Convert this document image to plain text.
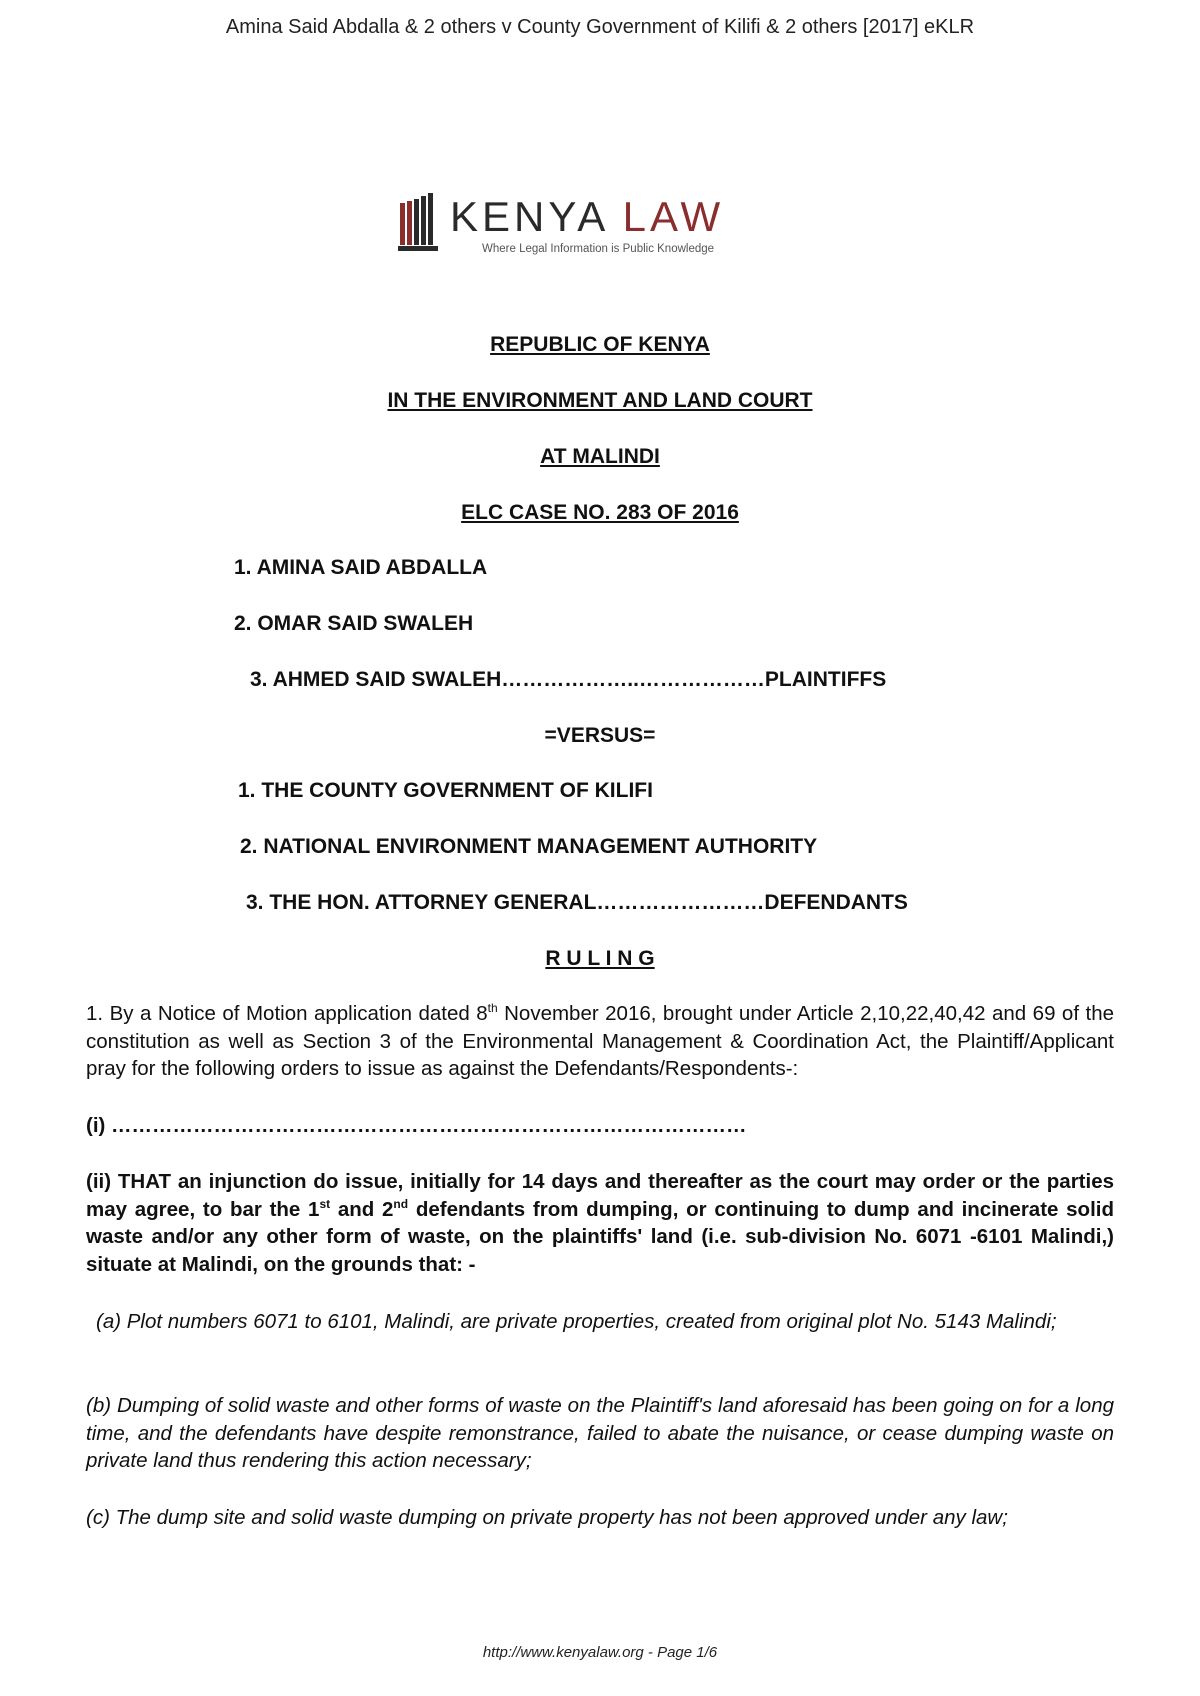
Amina Said Abdalla & 2 others v County Government of Kilifi & 2 others [2017] eKLR
KENYA LAW
Where Legal Information is Public Knowledge
REPUBLIC OF KENYA
IN THE ENVIRONMENT AND LAND COURT
AT MALINDI
ELC CASE NO. 283 OF 2016
1. AMINA SAID ABDALLA
2. OMAR SAID SWALEH
3. AHMED SAID SWALEH………………..………………PLAINTIFFS
=VERSUS=
1. THE COUNTY GOVERNMENT OF KILIFI
2. NATIONAL ENVIRONMENT MANAGEMENT AUTHORITY
3. THE HON. ATTORNEY GENERAL……………………DEFENDANTS
R U L I N G
1. By a Notice of Motion application dated 8th November 2016, brought under Article 2,10,22,40,42 and 69 of the constitution as well as Section 3 of the Environmental Management & Coordination Act, the Plaintiff/Applicant pray for the following orders to issue as against the Defendants/Respondents-:
(i) …………………………………………………………………………………
(ii) THAT an injunction do issue, initially for 14 days and thereafter as the court may order or the parties may agree, to bar the 1st and 2nd defendants from dumping, or continuing to dump and incinerate solid waste and/or any other form of waste, on the plaintiffs' land (i.e. sub-division No. 6071 -6101 Malindi,) situate at Malindi, on the grounds that: -
(a) Plot numbers 6071 to 6101, Malindi, are private properties, created from original plot No. 5143 Malindi;
(b) Dumping of solid waste and other forms of waste on the Plaintiff's land aforesaid has been going on for a long time, and the defendants have despite remonstrance, failed to abate the nuisance, or cease dumping waste on private land thus rendering this action necessary;
(c) The dump site and solid waste dumping on private property has not been approved under any law;
http://www.kenyalaw.org - Page 1/6
